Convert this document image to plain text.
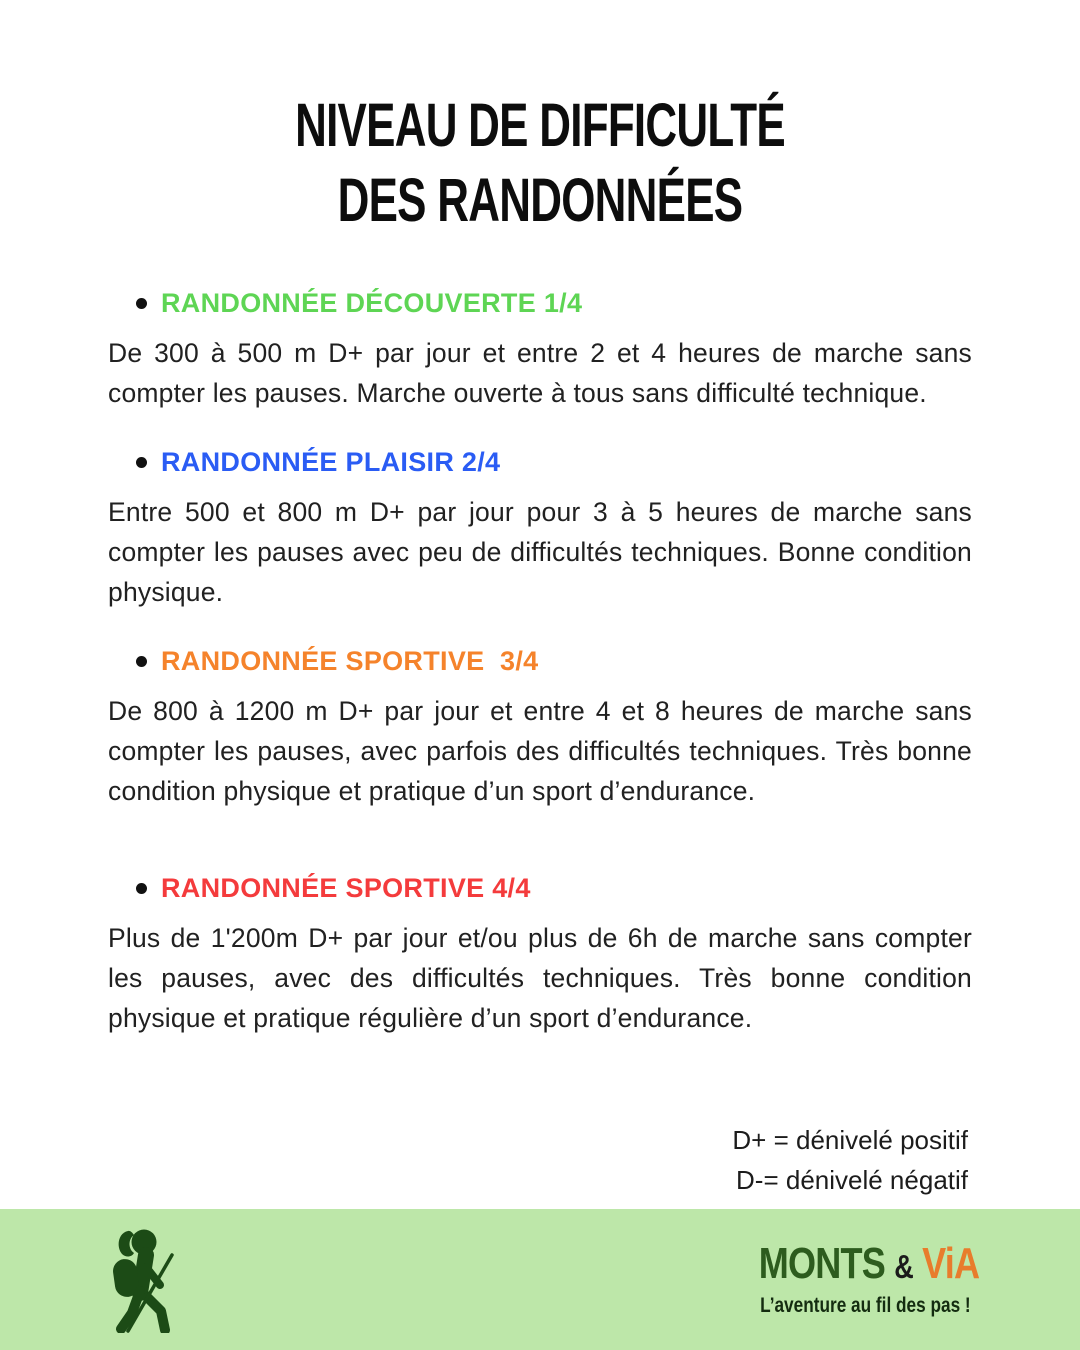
NIVEAU DE DIFFICULTÉ
DES RANDONNÉES
RANDONNÉE DÉCOUVERTE 1/4

De 300 à 500 m D+ par jour et entre 2 et 4 heures de marche sans compter les pauses. Marche ouverte à tous sans difficulté technique.

RANDONNÉE PLAISIR 2/4

Entre 500 et 800 m D+ par jour pour 3 à 5 heures de marche sans compter les pauses avec peu de difficultés techniques. Bonne condition physique.

RANDONNÉE SPORTIVE  3/4

De 800 à 1200 m D+ par jour et entre 4 et 8 heures de marche sans compter les pauses, avec parfois des difficultés techniques. Très bonne condition physique et pratique d’un sport d’endurance.

RANDONNÉE SPORTIVE 4/4

Plus de 1'200m D+ par jour et/ou plus de 6h de marche sans compter les pauses, avec des difficultés techniques. Très bonne condition physique et pratique régulière d’un sport d’endurance.

D+ = dénivelé positif
D-= dénivelé négatif
MONTS & ViA
L’aventure au fil des pas !
